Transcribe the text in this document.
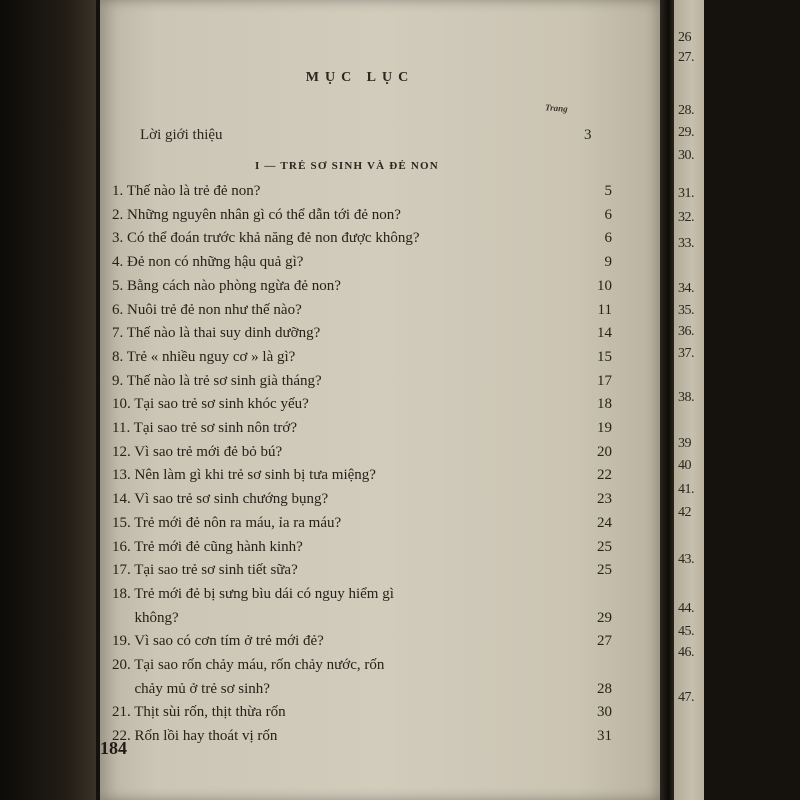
26
27.
28.
29.
30.
31.
32.
33.
34.
35.
36.
37.
38.
39
40
41.
42
43.
44.
45.
46.
47.
MỤC LỤC
Trang
Lời giới thiệu	3
I — TRẺ SƠ SINH VÀ ĐẺ NON
1. Thế nào là trẻ đẻ non?	5
2. Những nguyên nhân gì có thể dẫn tới đẻ non?	6
3. Có thể đoán trước khả năng đẻ non được không?	6
4. Đẻ non có những hậu quả gì?	9
5. Bằng cách nào phòng ngừa đẻ non?	10
6. Nuôi trẻ đẻ non như thế nào?	11
7. Thế nào là thai suy dinh dưỡng?	14
8. Trẻ « nhiều nguy cơ » là gì?	15
9. Thế nào là trẻ sơ sinh già tháng?	17
10. Tại sao trẻ sơ sinh khóc yếu?	18
11. Tại sao trẻ sơ sinh nôn trớ?	19
12. Vì sao trẻ mới đẻ bỏ bú?	20
13. Nên làm gì khi trẻ sơ sinh bị tưa miệng?	22
14. Vì sao trẻ sơ sinh chướng bụng?	23
15. Trẻ mới đẻ nôn ra máu, ỉa ra máu?	24
16. Trẻ mới đẻ cũng hành kinh?	25
17. Tại sao trẻ sơ sinh tiết sữa?	25
18. Trẻ mới đẻ bị sưng bìu dái có nguy hiểm gì
không?	29
19. Vì sao có cơn tím ở trẻ mới đẻ?	27
20. Tại sao rốn chảy máu, rốn chảy nước, rốn
chảy mủ ở trẻ sơ sinh?	28
21. Thịt sùi rốn, thịt thừa rốn	30
22. Rốn lồi hay thoát vị rốn	31
184
